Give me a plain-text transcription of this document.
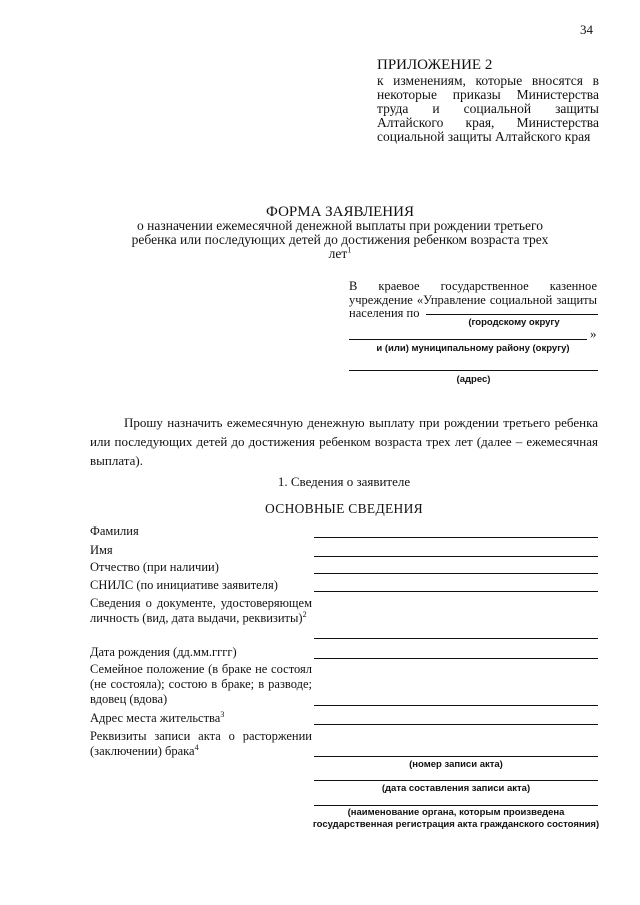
34
ПРИЛОЖЕНИЕ 2
к изменениям, которые вносятся в некоторые приказы Министерства труда и социальной защиты Алтайского края, Министерства социальной защиты Алтайского края
ФОРМА ЗАЯВЛЕНИЯ
о назначении ежемесячной денежной выплаты при рождении третьего ребенка или последующих детей до достижения ребенком возраста трех лет$^1$
В краевое государственное казенное учреждение «Управление социальной защиты населения по
(городскому округу
»
и (или) муниципальному району (округу)
(адрес)
Прошу назначить ежемесячную денежную выплату при рождении третьего ребенка или последующих детей до достижения ребенком возраста трех лет (далее – ежемесячная выплата).
1. Сведения о заявителе
ОСНОВНЫЕ СВЕДЕНИЯ
Фамилия
Имя
Отчество (при наличии)
СНИЛС (по инициативе заявителя)
Сведения о документе, удостоверяющем личность (вид, дата выдачи, реквизиты)$^2$
Дата рождения (дд.мм.гггг)
Семейное положение (в браке не состоял (не состояла); состою в браке; в разводе; вдовец (вдова)
Адрес места жительства$^3$
Реквизиты записи акта о расторжении (заключении) брака$^4$
(номер записи акта)
(дата составления записи акта)
(наименование органа, которым произведена государственная регистрация акта гражданского состояния)
